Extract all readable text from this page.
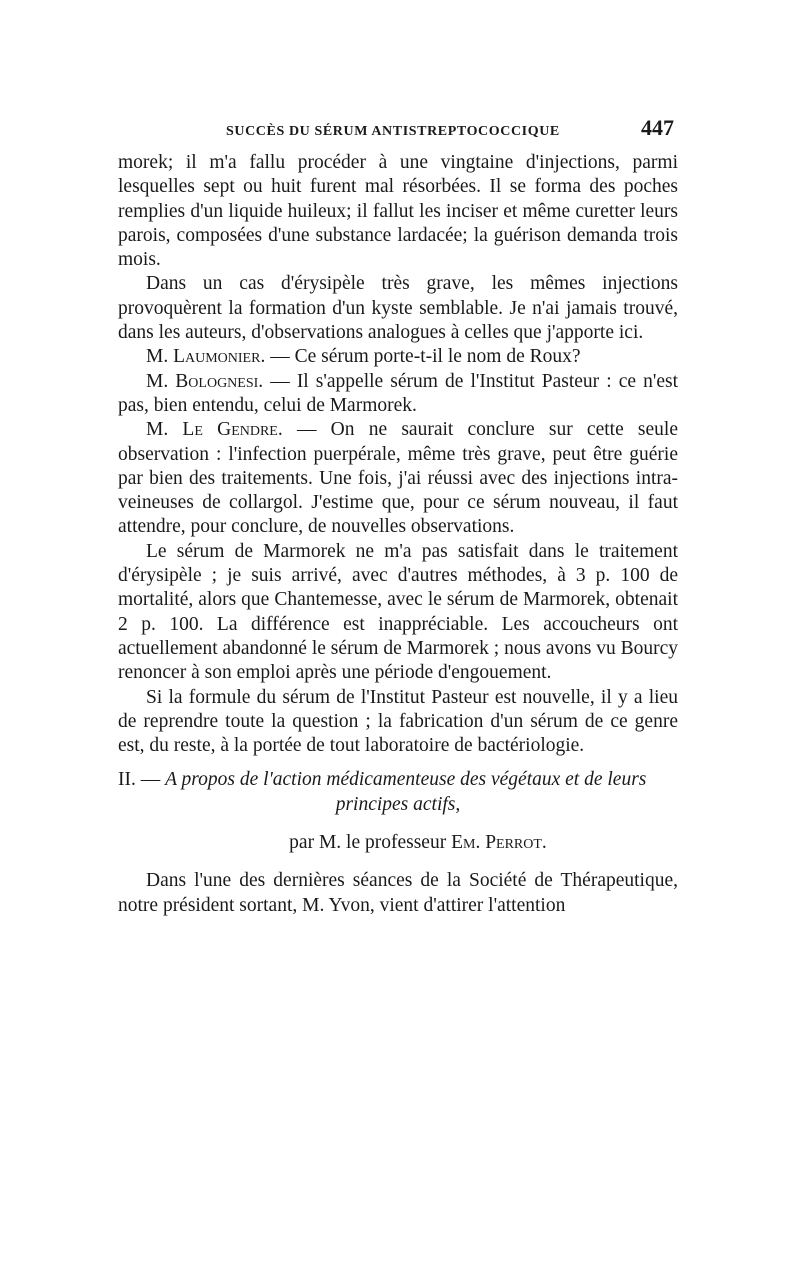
SUCCÈS DU SÉRUM ANTISTREPTOCOCCIQUE	447

morek; il m'a fallu procéder à une vingtaine d'injections, parmi lesquelles sept ou huit furent mal résorbées. Il se forma des poches remplies d'un liquide huileux; il fallut les inciser et même curetter leurs parois, composées d'une substance lardacée; la guérison demanda trois mois.

Dans un cas d'érysipèle très grave, les mêmes injections provoquèrent la formation d'un kyste semblable. Je n'ai jamais trouvé, dans les auteurs, d'observations analogues à celles que j'apporte ici.

M. Laumonier. — Ce sérum porte-t-il le nom de Roux?

M. Bolognesi. — Il s'appelle sérum de l'Institut Pasteur : ce n'est pas, bien entendu, celui de Marmorek.

M. Le Gendre. — On ne saurait conclure sur cette seule observation : l'infection puerpérale, même très grave, peut être guérie par bien des traitements. Une fois, j'ai réussi avec des injections intra-veineuses de collargol. J'estime que, pour ce sérum nouveau, il faut attendre, pour conclure, de nouvelles observations.

Le sérum de Marmorek ne m'a pas satisfait dans le traitement d'érysipèle ; je suis arrivé, avec d'autres méthodes, à 3 p. 100 de mortalité, alors que Chantemesse, avec le sérum de Marmorek, obtenait 2 p. 100. La différence est inappréciable. Les accoucheurs ont actuellement abandonné le sérum de Marmorek ; nous avons vu Bourcy renoncer à son emploi après une période d'engouement.

Si la formule du sérum de l'Institut Pasteur est nouvelle, il y a lieu de reprendre toute la question ; la fabrication d'un sérum de ce genre est, du reste, à la portée de tout laboratoire de bactériologie.

II. — A propos de l'action médicamenteuse des végétaux et de leurs
principes actifs,
par M. le professeur Em. Perrot.

Dans l'une des dernières séances de la Société de Thérapeutique, notre président sortant, M. Yvon, vient d'attirer l'attention
